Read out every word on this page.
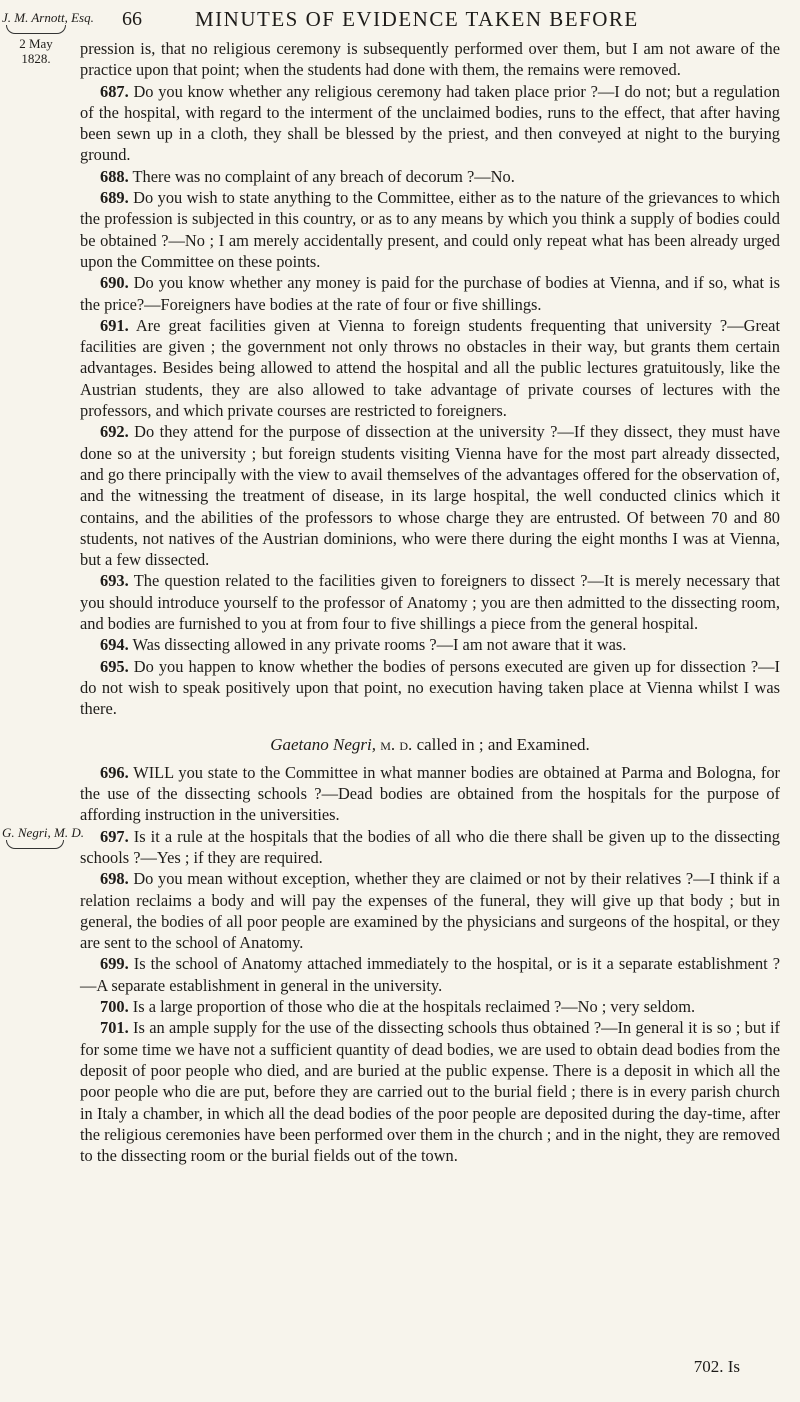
66	MINUTES OF EVIDENCE TAKEN BEFORE
J. M. Arnott, Esq.
2 May
1828.
G. Negri, M. D.

pression is, that no religious ceremony is subsequently performed over them, but I am not aware of the practice upon that point; when the students had done with them, the remains were removed.

687. Do you know whether any religious ceremony had taken place prior ?—I do not; but a regulation of the hospital, with regard to the interment of the unclaimed bodies, runs to the effect, that after having been sewn up in a cloth, they shall be blessed by the priest, and then conveyed at night to the burying ground.

688. There was no complaint of any breach of decorum ?—No.

689. Do you wish to state anything to the Committee, either as to the nature of the grievances to which the profession is subjected in this country, or as to any means by which you think a supply of bodies could be obtained ?—No ; I am merely accidentally present, and could only repeat what has been already urged upon the Committee on these points.

690. Do you know whether any money is paid for the purchase of bodies at Vienna, and if so, what is the price?—Foreigners have bodies at the rate of four or five shillings.

691. Are great facilities given at Vienna to foreign students frequenting that university ?—Great facilities are given ; the government not only throws no obstacles in their way, but grants them certain advantages. Besides being allowed to attend the hospital and all the public lectures gratuitously, like the Austrian students, they are also allowed to take advantage of private courses of lectures with the professors, and which private courses are restricted to foreigners.

692. Do they attend for the purpose of dissection at the university ?—If they dissect, they must have done so at the university ; but foreign students visiting Vienna have for the most part already dissected, and go there principally with the view to avail themselves of the advantages offered for the observation of, and the witnessing the treatment of disease, in its large hospital, the well conducted clinics which it contains, and the abilities of the professors to whose charge they are entrusted. Of between 70 and 80 students, not natives of the Austrian dominions, who were there during the eight months I was at Vienna, but a few dissected.

693. The question related to the facilities given to foreigners to dissect ?—It is merely necessary that you should introduce yourself to the professor of Anatomy ; you are then admitted to the dissecting room, and bodies are furnished to you at from four to five shillings a piece from the general hospital.

694. Was dissecting allowed in any private rooms ?—I am not aware that it was.

695. Do you happen to know whether the bodies of persons executed are given up for dissection ?—I do not wish to speak positively upon that point, no execution having taken place at Vienna whilst I was there.

Gaetano Negri, m. d. called in ; and Examined.

696. WILL you state to the Committee in what manner bodies are obtained at Parma and Bologna, for the use of the dissecting schools ?—Dead bodies are obtained from the hospitals for the purpose of affording instruction in the universities.

697. Is it a rule at the hospitals that the bodies of all who die there shall be given up to the dissecting schools ?—Yes ; if they are required.

698. Do you mean without exception, whether they are claimed or not by their relatives ?—I think if a relation reclaims a body and will pay the expenses of the funeral, they will give up that body ; but in general, the bodies of all poor people are examined by the physicians and surgeons of the hospital, or they are sent to the school of Anatomy.

699. Is the school of Anatomy attached immediately to the hospital, or is it a separate establishment ?—A separate establishment in general in the university.

700. Is a large proportion of those who die at the hospitals reclaimed ?—No ; very seldom.

701. Is an ample supply for the use of the dissecting schools thus obtained ?—In general it is so ; but if for some time we have not a sufficient quantity of dead bodies, we are used to obtain dead bodies from the deposit of poor people who died, and are buried at the public expense. There is a deposit in which all the poor people who die are put, before they are carried out to the burial field ; there is in every parish church in Italy a chamber, in which all the dead bodies of the poor people are deposited during the day-time, after the religious ceremonies have been performed over them in the church ; and in the night, they are removed to the dissecting room or the burial fields out of the town.

702. Is
